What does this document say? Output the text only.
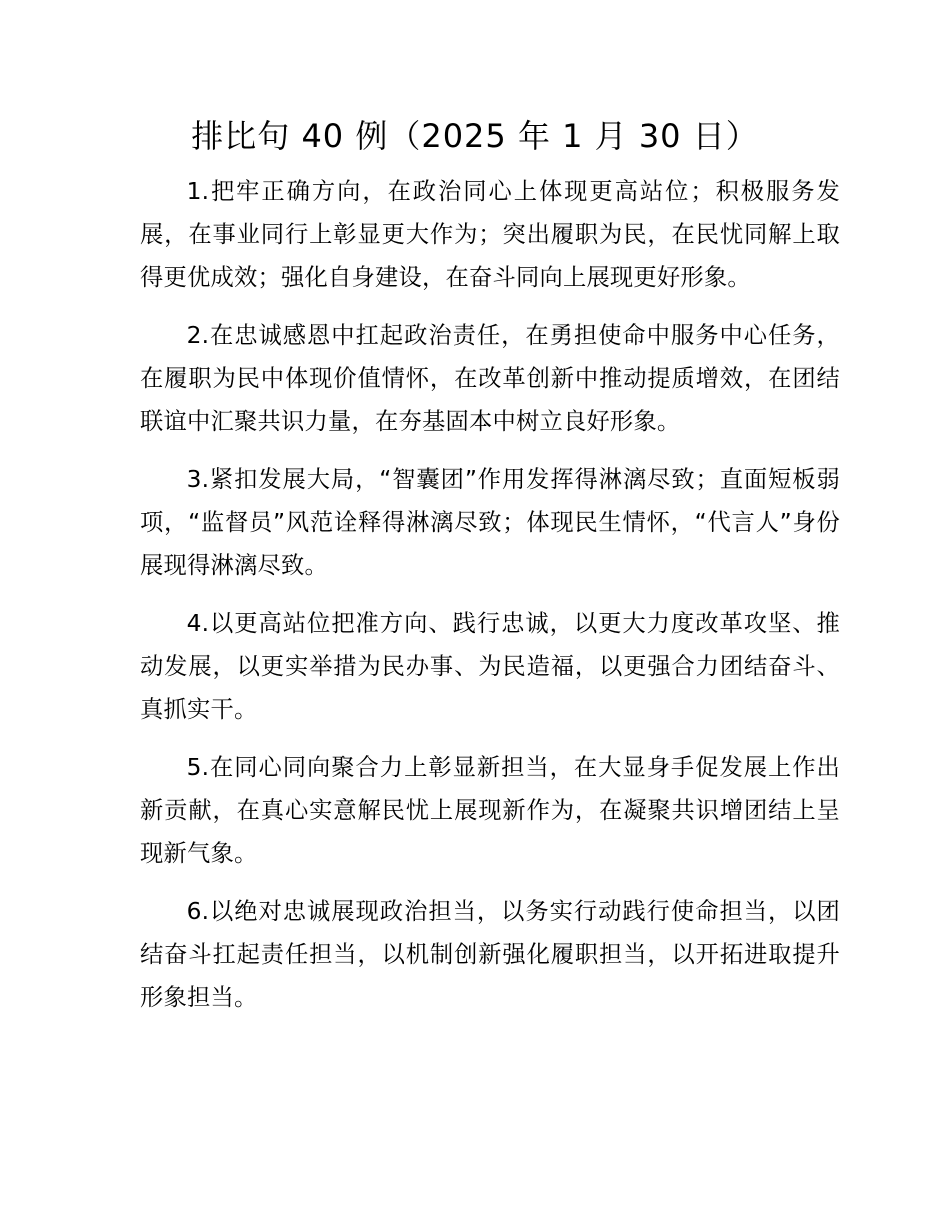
排比句 40 例（2025 年 1 月 30 日）

1.把牢正确方向，在政治同心上体现更高站位；积极服务发展，在事业同行上彰显更大作为；突出履职为民，在民忧同解上取得更优成效；强化自身建设，在奋斗同向上展现更好形象。

2.在忠诚感恩中扛起政治责任，在勇担使命中服务中心任务，在履职为民中体现价值情怀，在改革创新中推动提质增效，在团结联谊中汇聚共识力量，在夯基固本中树立良好形象。

3.紧扣发展大局，“智囊团”作用发挥得淋漓尽致；直面短板弱项，“监督员”风范诠释得淋漓尽致；体现民生情怀，“代言人”身份展现得淋漓尽致。

4.以更高站位把准方向、践行忠诚，以更大力度改革攻坚、推动发展，以更实举措为民办事、为民造福，以更强合力团结奋斗、真抓实干。

5.在同心同向聚合力上彰显新担当，在大显身手促发展上作出新贡献，在真心实意解民忧上展现新作为，在凝聚共识增团结上呈现新气象。

6.以绝对忠诚展现政治担当，以务实行动践行使命担当，以团结奋斗扛起责任担当，以机制创新强化履职担当，以开拓进取提升形象担当。
